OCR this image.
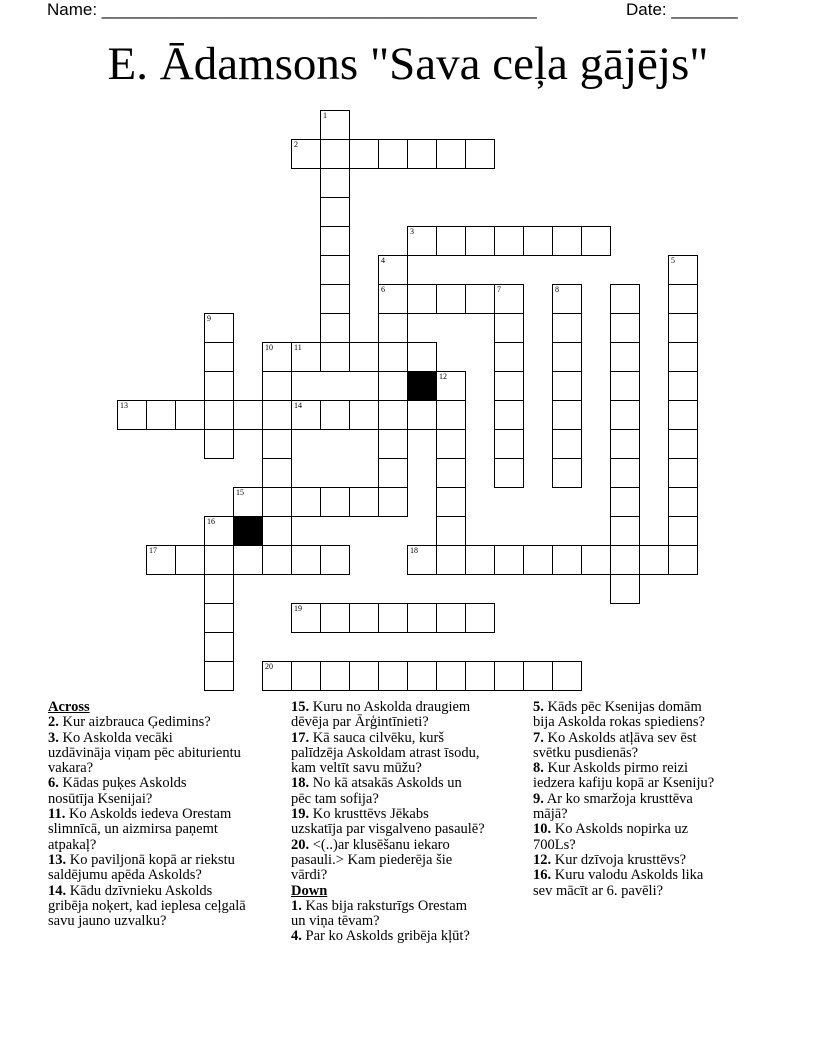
Name: ______________________________________________	Date: _______
E. Ādamsons "Sava ceļa gājējs"
1
2
3
4	5
6	7	8
9
10	11
12
13	14
15
16
17	18
19
20
Across
2. Kur aizbrauca Ģedimins?
3. Ko Askolda vecāki
uzdāvināja viņam pēc abiturientu
vakara?
6. Kādas puķes Askolds
nosūtīja Ksenijai?
11. Ko Askolds iedeva Orestam
slimnīcā, un aizmirsa paņemt
atpakaļ?
13. Ko paviljonā kopā ar riekstu
saldējumu apēda Askolds?
14. Kādu dzīvnieku Askolds
gribēja noķert, kad ieplesa ceļgalā
savu jauno uzvalku?
15. Kuru no Askolda draugiem
dēvēja par Ārģintīnieti?
17. Kā sauca cilvēku, kurš
palīdzēja Askoldam atrast īsodu,
kam veltīt savu mūžu?
18. No kā atsakās Askolds un
pēc tam sofija?
19. Ko krusttēvs Jēkabs
uzskatīja par visgalveno pasaulē?
20. <(..)ar klusēšanu iekaro
pasauli.> Kam piederēja šie
vārdi?
Down
1. Kas bija raksturīgs Orestam
un viņa tēvam?
4. Par ko Askolds gribēja kļūt?
5. Kāds pēc Ksenijas domām
bija Askolda rokas spiediens?
7. Ko Askolds atļāva sev ēst
svētku pusdienās?
8. Kur Askolds pirmo reizi
iedzera kafiju kopā ar Kseniju?
9. Ar ko smaržoja krusttēva
mājā?
10. Ko Askolds nopirka uz
700Ls?
12. Kur dzīvoja krusttēvs?
16. Kuru valodu Askolds lika
sev mācīt ar 6. pavēli?
